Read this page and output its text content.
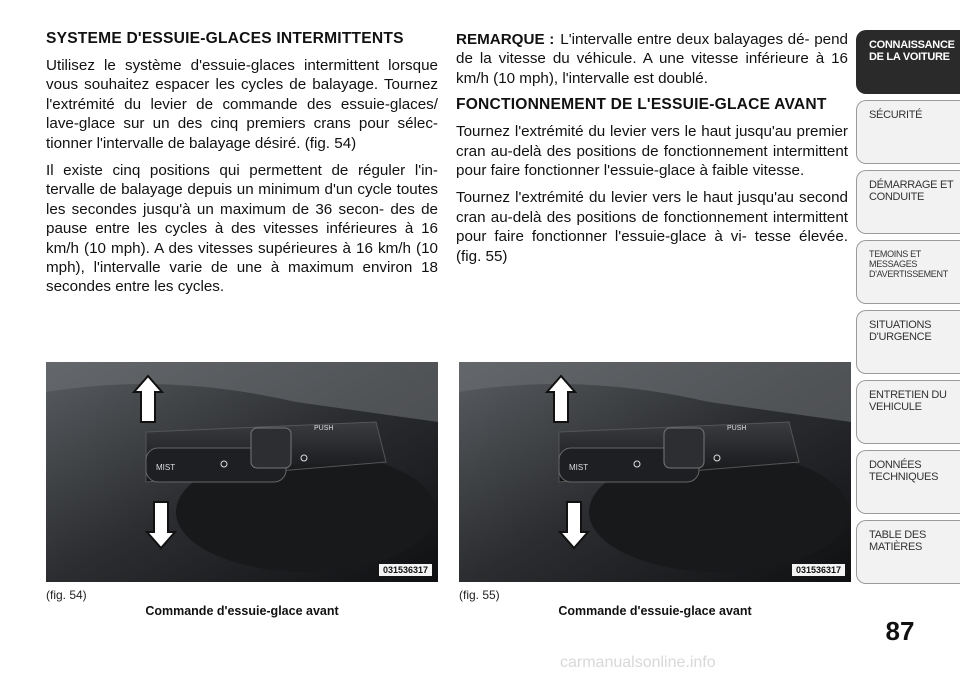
SYSTEME D'ESSUIE-GLACES INTERMITTENTS

Utilisez le système d'essuie-glaces intermittent lorsque vous souhaitez espacer les cycles de balayage. Tournez l'extrémité du levier de commande des essuie-glaces/ lave-glace sur un des cinq premiers crans pour sélec- tionner l'intervalle de balayage désiré. (fig. 54)

Il existe cinq positions qui permettent de réguler l'in- tervalle de balayage depuis un minimum d'un cycle toutes les secondes jusqu'à un maximum de 36 secon- des de pause entre les cycles à des vitesses inférieures à 16 km/h (10 mph). A des vitesses supérieures à 16 km/h (10 mph), l'intervalle varie de une à maximum environ 18 secondes entre les cycles.

REMARQUE : L'intervalle entre deux balayages dé- pend de la vitesse du véhicule. A une vitesse inférieure à 16 km/h (10 mph), l'intervalle est doublé.

FONCTIONNEMENT DE L'ESSUIE-GLACE AVANT

Tournez l'extrémité du levier vers le haut jusqu'au premier cran au-delà des positions de fonctionnement intermittent pour faire fonctionner l'essuie-glace à faible vitesse.

Tournez l'extrémité du levier vers le haut jusqu'au second cran au-delà des positions de fonctionnement intermittent pour faire fonctionner l'essuie-glace à vi- tesse élevée. (fig. 55)

MIST
PUSH
031536317
(fig. 54)
Commande d'essuie-glace avant
MIST
PUSH
031536317
(fig. 55)
Commande d'essuie-glace avant
CONNAISSANCE DE LA VOITURE
SÉCURITÉ
DÉMARRAGE ET CONDUITE
TEMOINS ET MESSAGES D'AVERTISSEMENT
SITUATIONS D'URGENCE
ENTRETIEN DU VEHICULE
DONNÉES TECHNIQUES
TABLE DES MATIÈRES
87
carmanualsonline.info
